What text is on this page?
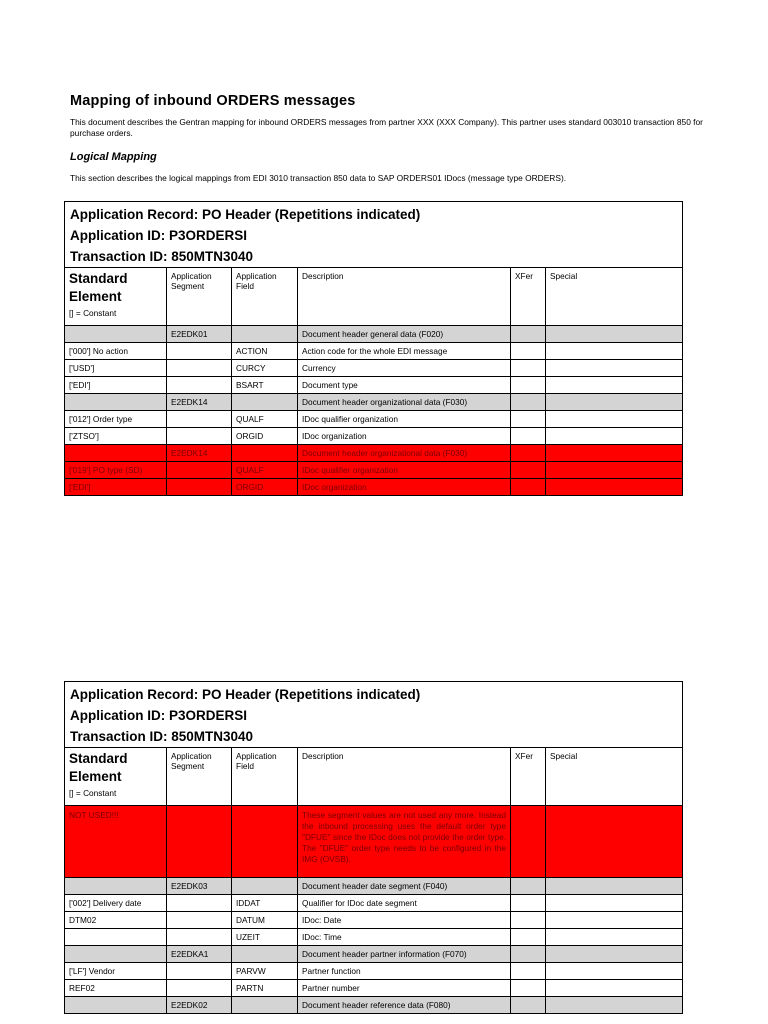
Mapping of inbound ORDERS messages

This document describes the Gentran mapping for inbound ORDERS messages from partner XXX (XXX Company). This partner uses standard 003010 transaction 850 for purchase orders.

Logical Mapping

This section describes the logical mappings from EDI 3010 transaction 850 data to SAP ORDERS01 IDocs (message type ORDERS).

Application Record: PO Header (Repetitions indicated)
Application ID: P3ORDERSI
Transaction ID: 850MTN3040					

Standard Element
[] = Constant	Application Segment	Application Field	Description	XFer	Special
	E2EDK01		Document header general data (F020)		
['000'] No action		ACTION	Action code for the whole EDI message		
['USD']		CURCY	Currency		
['EDI']		BSART	Document type		
	E2EDK14		Document header organizational data (F030)		
['012'] Order type		QUALF	IDoc qualifier organization		
['ZTSO']		ORGID	IDoc organization		
	E2EDK14		Document header organizational data (F030)		
['019'] PO type (SD)		QUALF	IDoc qualifier organization		
['EDI']		ORGID	IDoc organization		
Application Record: PO Header (Repetitions indicated)
Application ID: P3ORDERSI
Transaction ID: 850MTN3040					

Standard Element
[] = Constant	Application Segment	Application Field	Description	XFer	Special
NOT USED!!!			These segment values are not used any more. Instead the inbound processing uses the default order type "DFUE" since the IDoc does not provide the order type. The "DFUE" order type needs to be configured in the IMG (OVSB).		
	E2EDK03		Document header date segment (F040)		
['002'] Delivery date		IDDAT	Qualifier for IDoc date segment		
DTM02		DATUM	IDoc: Date		
		UZEIT	IDoc: Time		
	E2EDKA1		Document header partner information (F070)		
['LF'] Vendor		PARVW	Partner function		
REF02		PARTN	Partner number		
	E2EDK02		Document header reference data (F080)		
